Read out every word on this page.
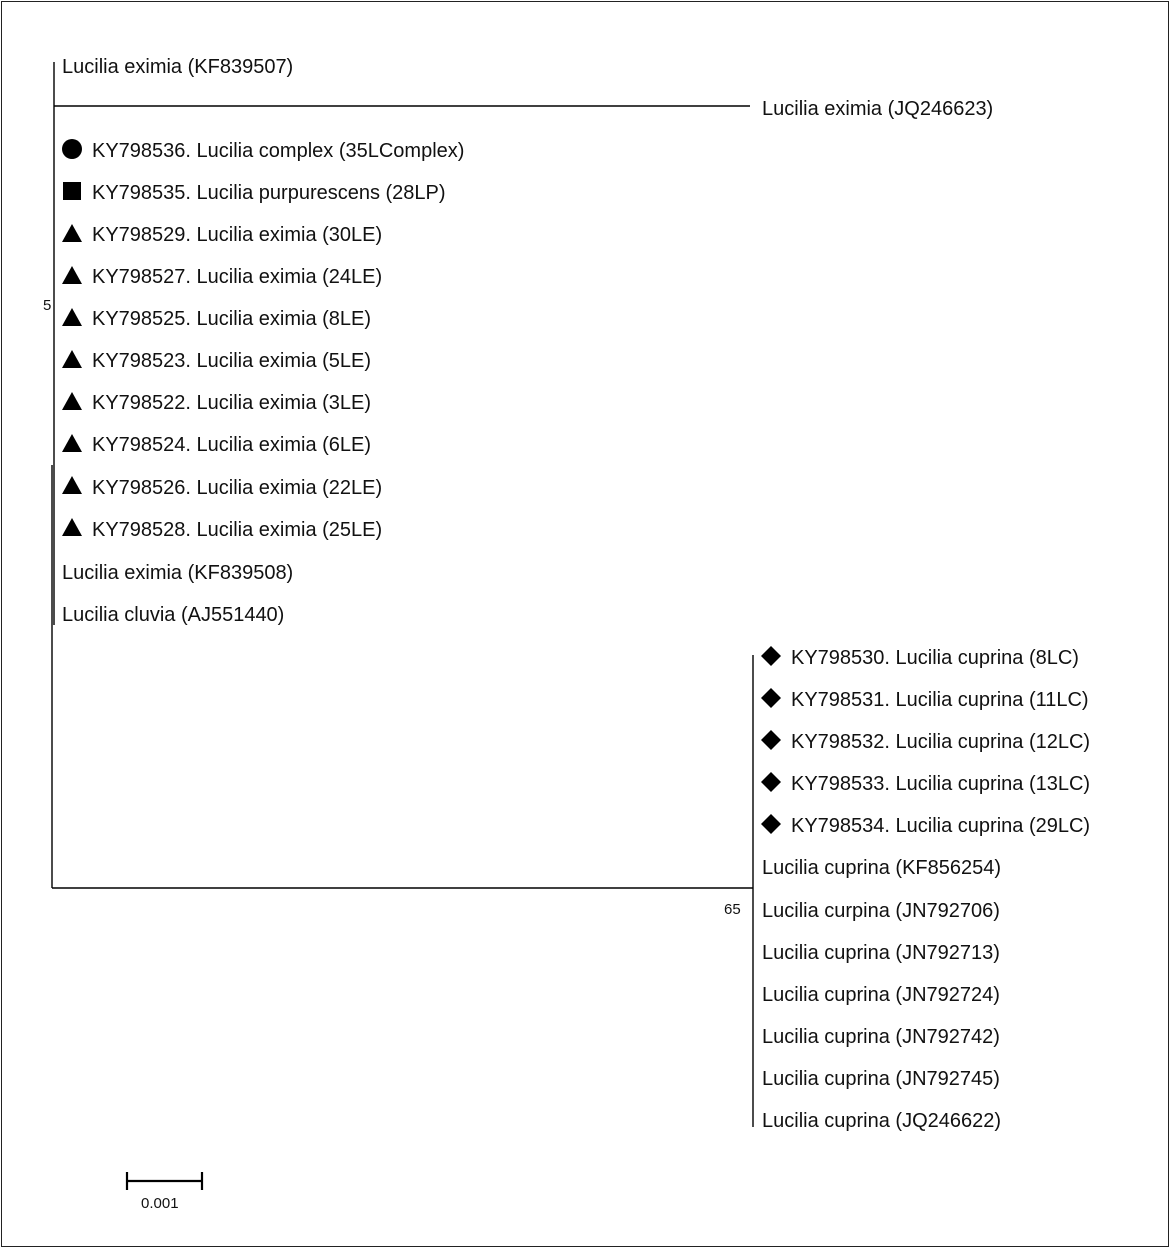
5
Lucilia eximia (KF839507)
Lucilia eximia (JQ246623)
KY798536. Lucilia complex (35LComplex)
KY798535. Lucilia purpurescens (28LP)
KY798529. Lucilia eximia (30LE)
KY798527. Lucilia eximia (24LE)
KY798525. Lucilia eximia (8LE)
KY798523. Lucilia eximia (5LE)
KY798522. Lucilia eximia (3LE)
KY798524. Lucilia eximia (6LE)
KY798526. Lucilia eximia (22LE)
KY798528. Lucilia eximia (25LE)
Lucilia eximia (KF839508)
Lucilia cluvia (AJ551440)
65
KY798530. Lucilia cuprina (8LC)
KY798531. Lucilia cuprina (11LC)
KY798532. Lucilia cuprina (12LC)
KY798533. Lucilia cuprina (13LC)
KY798534. Lucilia cuprina (29LC)
Lucilia cuprina (KF856254)
Lucilia curpina (JN792706)
Lucilia cuprina (JN792713)
Lucilia cuprina (JN792724)
Lucilia cuprina (JN792742)
Lucilia cuprina (JN792745)
Lucilia cuprina (JQ246622)
0.001
